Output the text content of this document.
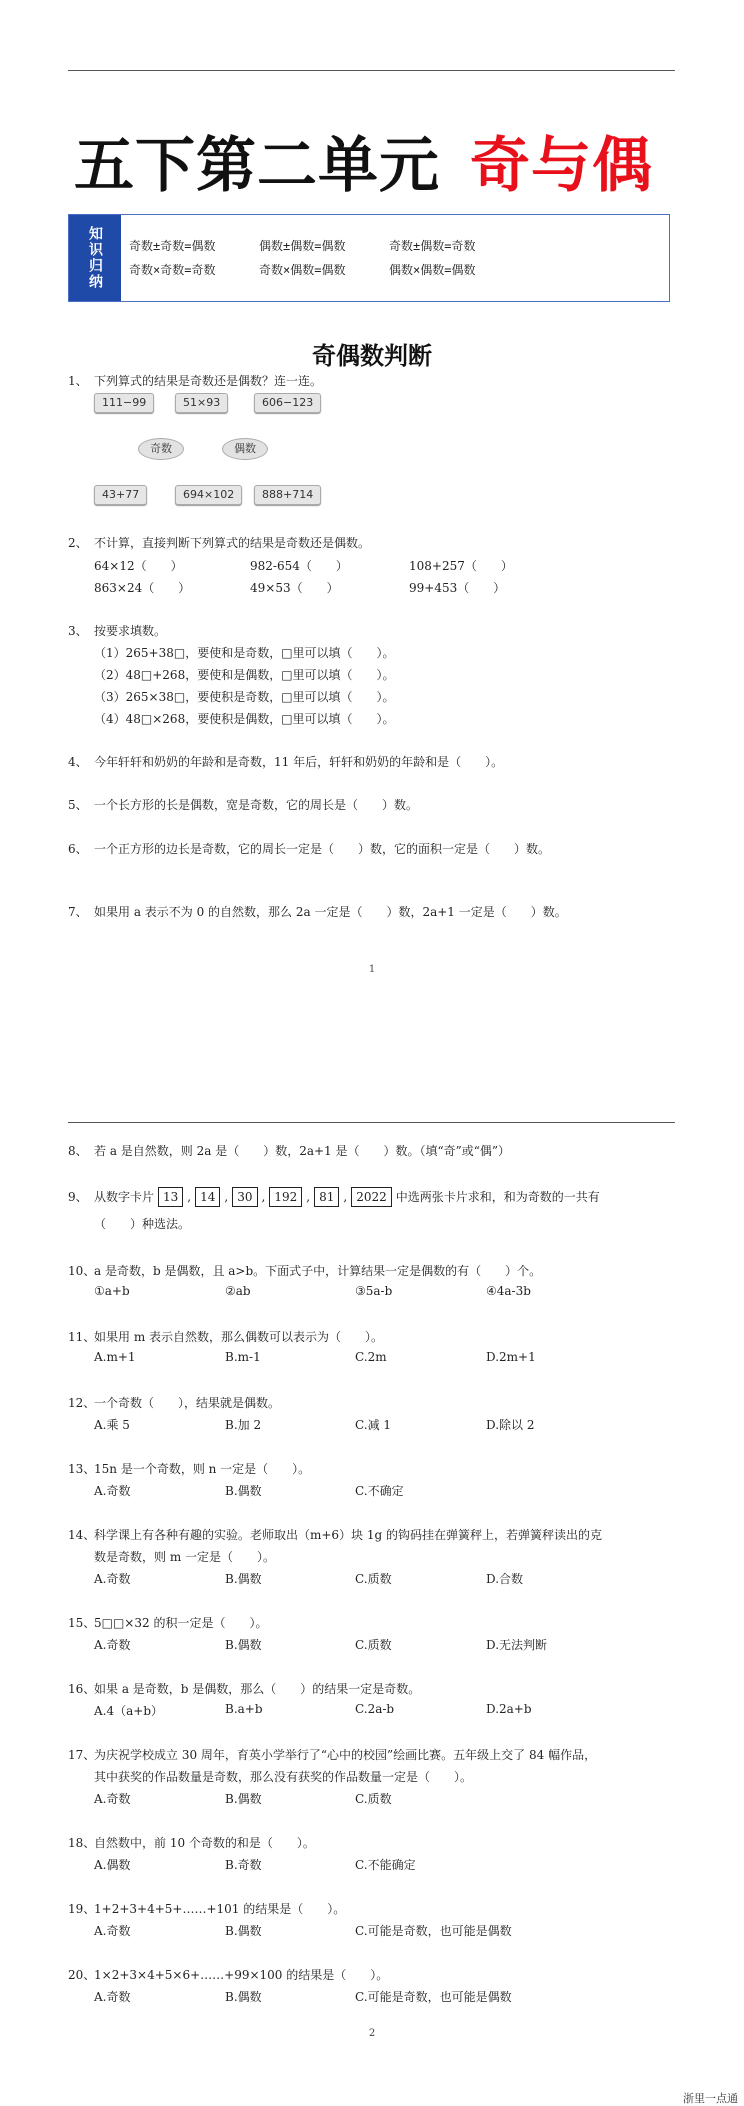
五下第二单元 奇与偶
知识归纳	奇数±奇数=偶数	偶数±偶数=偶数	奇数±偶数=奇数
奇数×奇数=奇数	奇数×偶数=偶数	偶数×偶数=偶数
奇偶数判断
1、 下列算式的结果是奇数还是偶数？连一连。
111−99	51×93	606−123
奇数	偶数
43+77	694×102	888+714
2、 不计算，直接判断下列算式的结果是奇数还是偶数。
64×12（　　）	982-654（　　）	108+257（　　）
863×24（　　）	49×53（　　）	99+453（　　）
3、 按要求填数。
（1）265+38□，要使和是奇数，□里可以填（　　）。
（2）48□+268，要使和是偶数，□里可以填（　　）。
（3）265×38□，要使积是奇数，□里可以填（　　）。
（4）48□×268，要使积是偶数，□里可以填（　　）。
4、 今年轩轩和奶奶的年龄和是奇数，11 年后，轩轩和奶奶的年龄和是（　　）。
5、 一个长方形的长是偶数，宽是奇数，它的周长是（　　）数。
6、 一个正方形的边长是奇数，它的周长一定是（　　）数，它的面积一定是（　　）数。
7、 如果用 a 表示不为 0 的自然数，那么 2a 一定是（　　）数，2a+1 一定是（　　）数。
1
8、 若 a 是自然数，则 2a 是（　　）数，2a+1 是（　　）数。（填“奇”或“偶”）
9、 从数字卡片 13 , 14 , 30 , 192 , 81 , 2022 中选两张卡片求和，和为奇数的一共有
（　　）种选法。
10、a 是奇数，b 是偶数，且 a>b。下面式子中，计算结果一定是偶数的有（　　）个。
①a+b	②ab	③5a-b	④4a-3b
11、如果用 m 表示自然数，那么偶数可以表示为（　　）。
A.m+1	B.m-1	C.2m	D.2m+1
12、一个奇数（　　），结果就是偶数。
A.乘 5	B.加 2	C.减 1	D.除以 2
13、15n 是一个奇数，则 n 一定是（　　）。
A.奇数	B.偶数	C.不确定
14、科学课上有各种有趣的实验。老师取出（m+6）块 1g 的钩码挂在弹簧秤上，若弹簧秤读出的克
数是奇数，则 m 一定是（　　）。
A.奇数	B.偶数	C.质数	D.合数
15、5□□×32 的积一定是（　　）。
A.奇数	B.偶数	C.质数	D.无法判断
16、如果 a 是奇数，b 是偶数，那么（　　）的结果一定是奇数。
A.4（a+b）	B.a+b	C.2a-b	D.2a+b
17、为庆祝学校成立 30 周年，育英小学举行了“心中的校园”绘画比赛。五年级上交了 84 幅作品，
其中获奖的作品数量是奇数，那么没有获奖的作品数量一定是（　　）。
A.奇数	B.偶数	C.质数
18、自然数中，前 10 个奇数的和是（　　）。
A.偶数	B.奇数	C.不能确定
19、1+2+3+4+5+……+101 的结果是（　　）。
A.奇数	B.偶数	C.可能是奇数，也可能是偶数
20、1×2+3×4+5×6+……+99×100 的结果是（　　）。
A.奇数	B.偶数	C.可能是奇数，也可能是偶数
2
浙里一点通
